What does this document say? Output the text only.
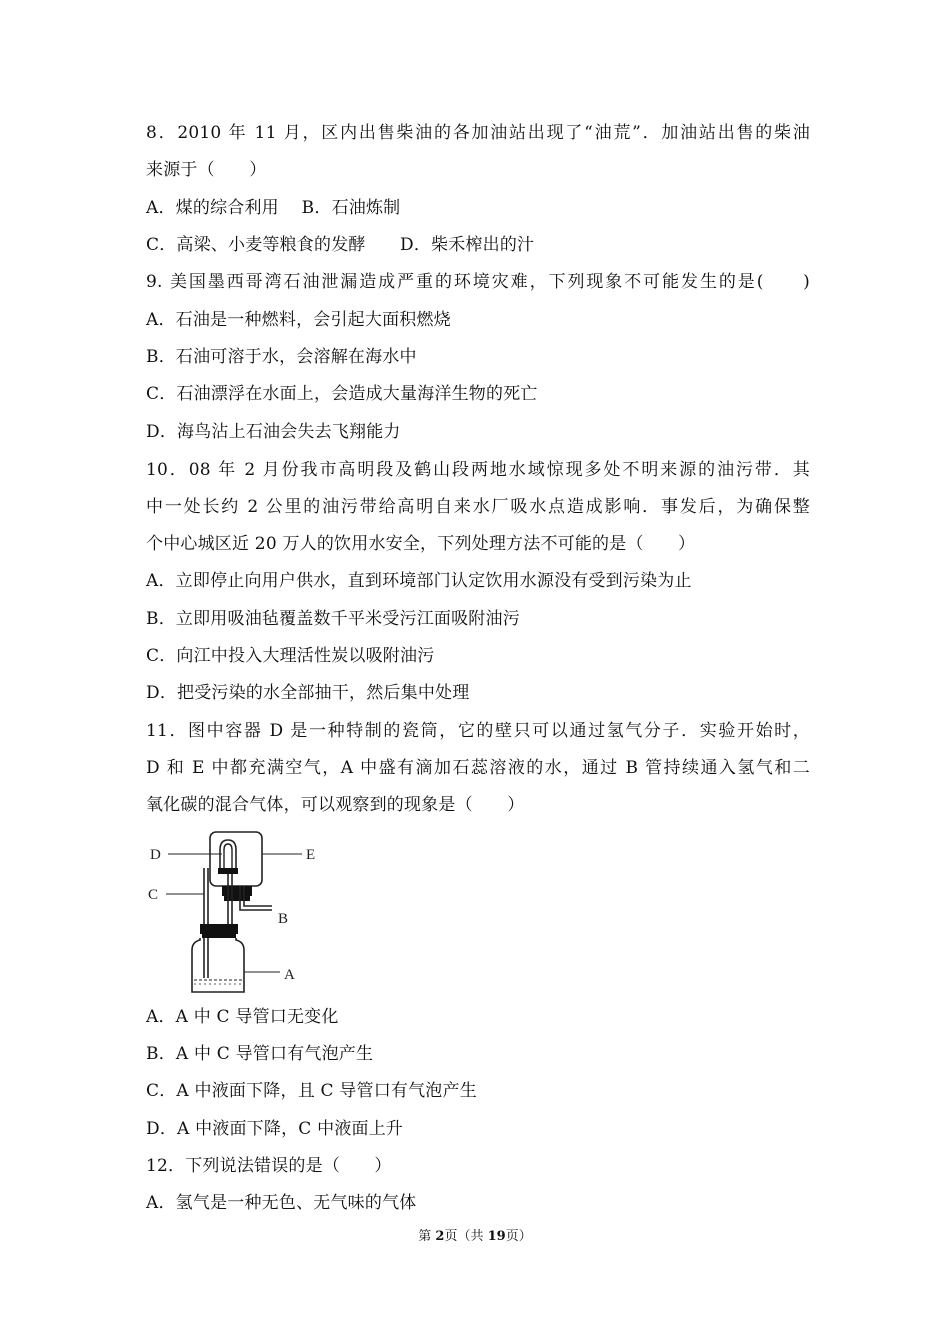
8．2010 年 11 月，区内出售柴油的各加油站出现了“油荒”．加油站出售的柴油
来源于（　　）
A．煤的综合利用　 B．石油炼制
C．高梁、小麦等粮食的发酵　　D．柴禾榨出的汁
9. 美国墨西哥湾石油泄漏造成严重的环境灾难，下列现象不可能发生的是(　　)
A．石油是一种燃料，会引起大面积燃烧
B．石油可溶于水，会溶解在海水中
C．石油漂浮在水面上，会造成大量海洋生物的死亡
D．海鸟沾上石油会失去飞翔能力
10．08 年 2 月份我市高明段及鹤山段两地水域惊现多处不明来源的油污带．其
中一处长约 2 公里的油污带给高明自来水厂吸水点造成影响．事发后，为确保整
个中心城区近 20 万人的饮用水安全，下列处理方法不可能的是（　　）
A．立即停止向用户供水，直到环境部门认定饮用水源没有受到污染为止
B．立即用吸油毡覆盖数千平米受污江面吸附油污
C．向江中投入大理活性炭以吸附油污
D．把受污染的水全部抽干，然后集中处理
11．图中容器 D 是一种特制的瓷筒，它的壁只可以通过氢气分子．实验开始时，
D 和 E 中都充满空气，A 中盛有滴加石蕊溶液的水，通过 B 管持续通入氢气和二
氧化碳的混合气体，可以观察到的现象是（　　）
D	E
C
B
A
A．A 中 C 导管口无变化
B．A 中 C 导管口有气泡产生
C．A 中液面下降，且 C 导管口有气泡产生
D．A 中液面下降，C 中液面上升
12．下列说法错误的是（　　）
A．氢气是一种无色、无气味的气体
第 2页（共 19页）
